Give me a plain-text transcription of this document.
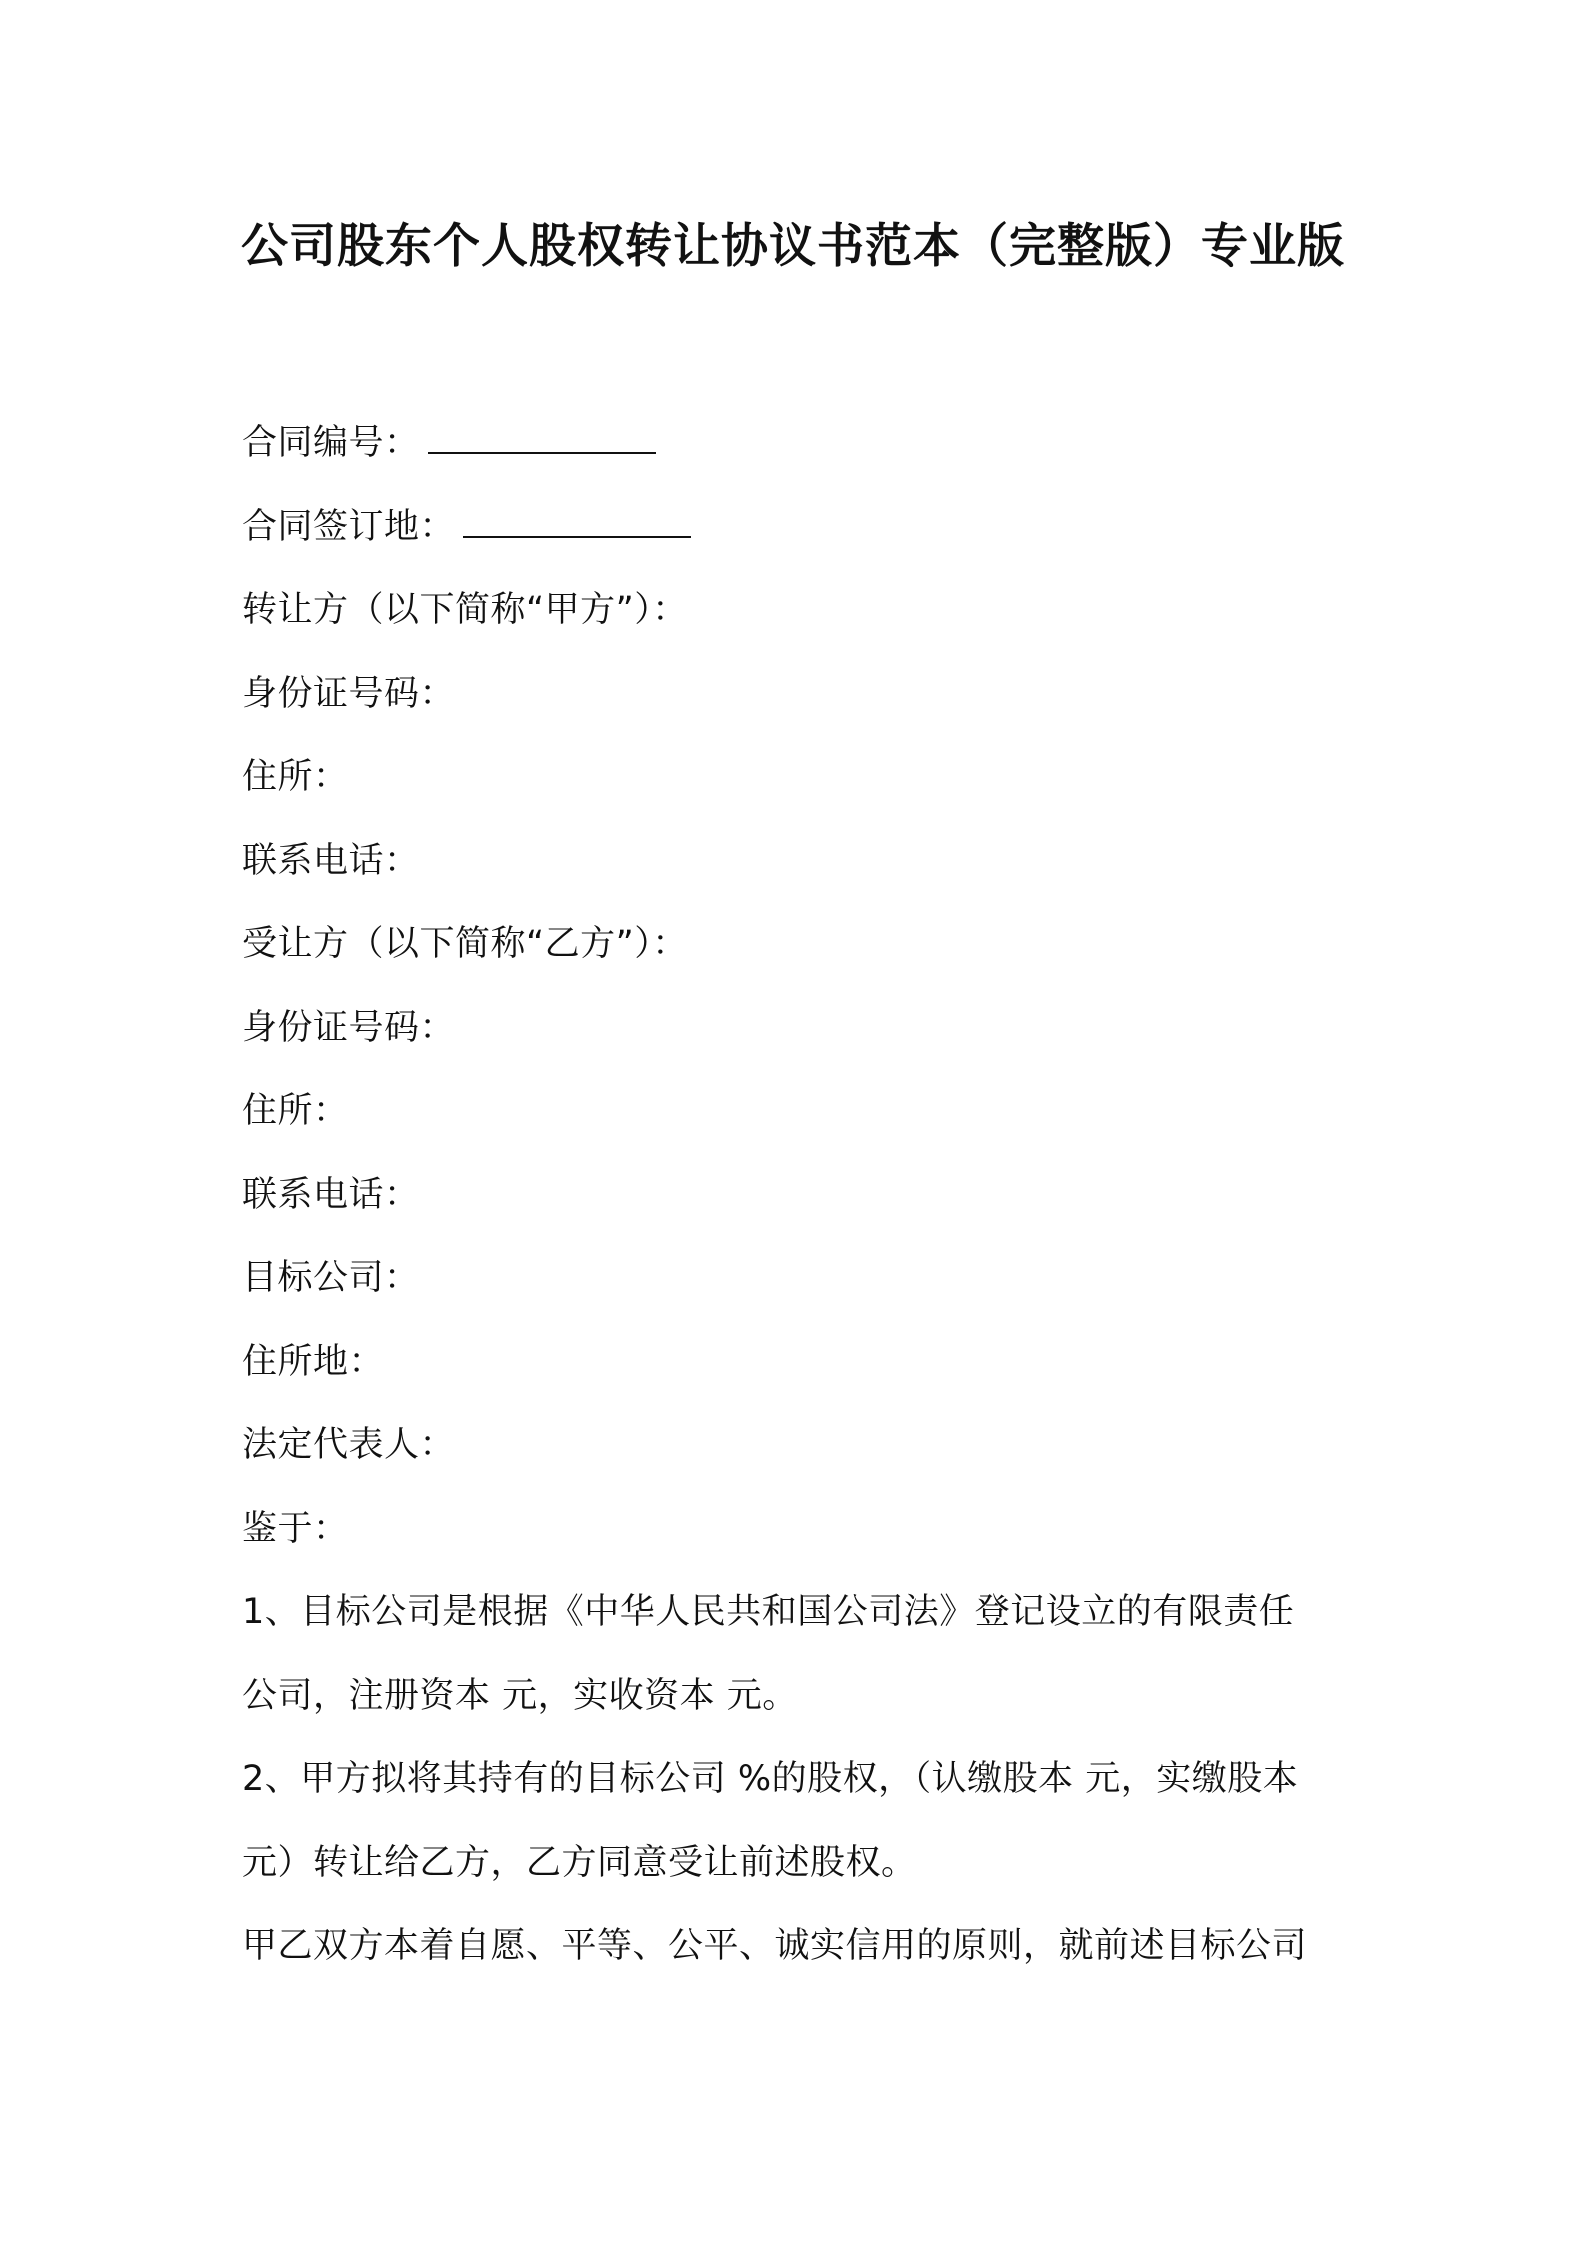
公司股东个人股权转让协议书范本（完整版）专业版
合同编号：
合同签订地：
转让方（以下简称“甲方”）：
身份证号码：
住所：
联系电话：
受让方（以下简称“乙方”）：
身份证号码：
住所：
联系电话：
目标公司：
住所地：
法定代表人：
鉴于：
1、目标公司是根据《中华人民共和国公司法》登记设立的有限责任
公司，注册资本 元，实收资本 元。
2、甲方拟将其持有的目标公司 %的股权，（认缴股本 元，实缴股本
元）转让给乙方，乙方同意受让前述股权。
甲乙双方本着自愿、平等、公平、诚实信用的原则，就前述目标公司
